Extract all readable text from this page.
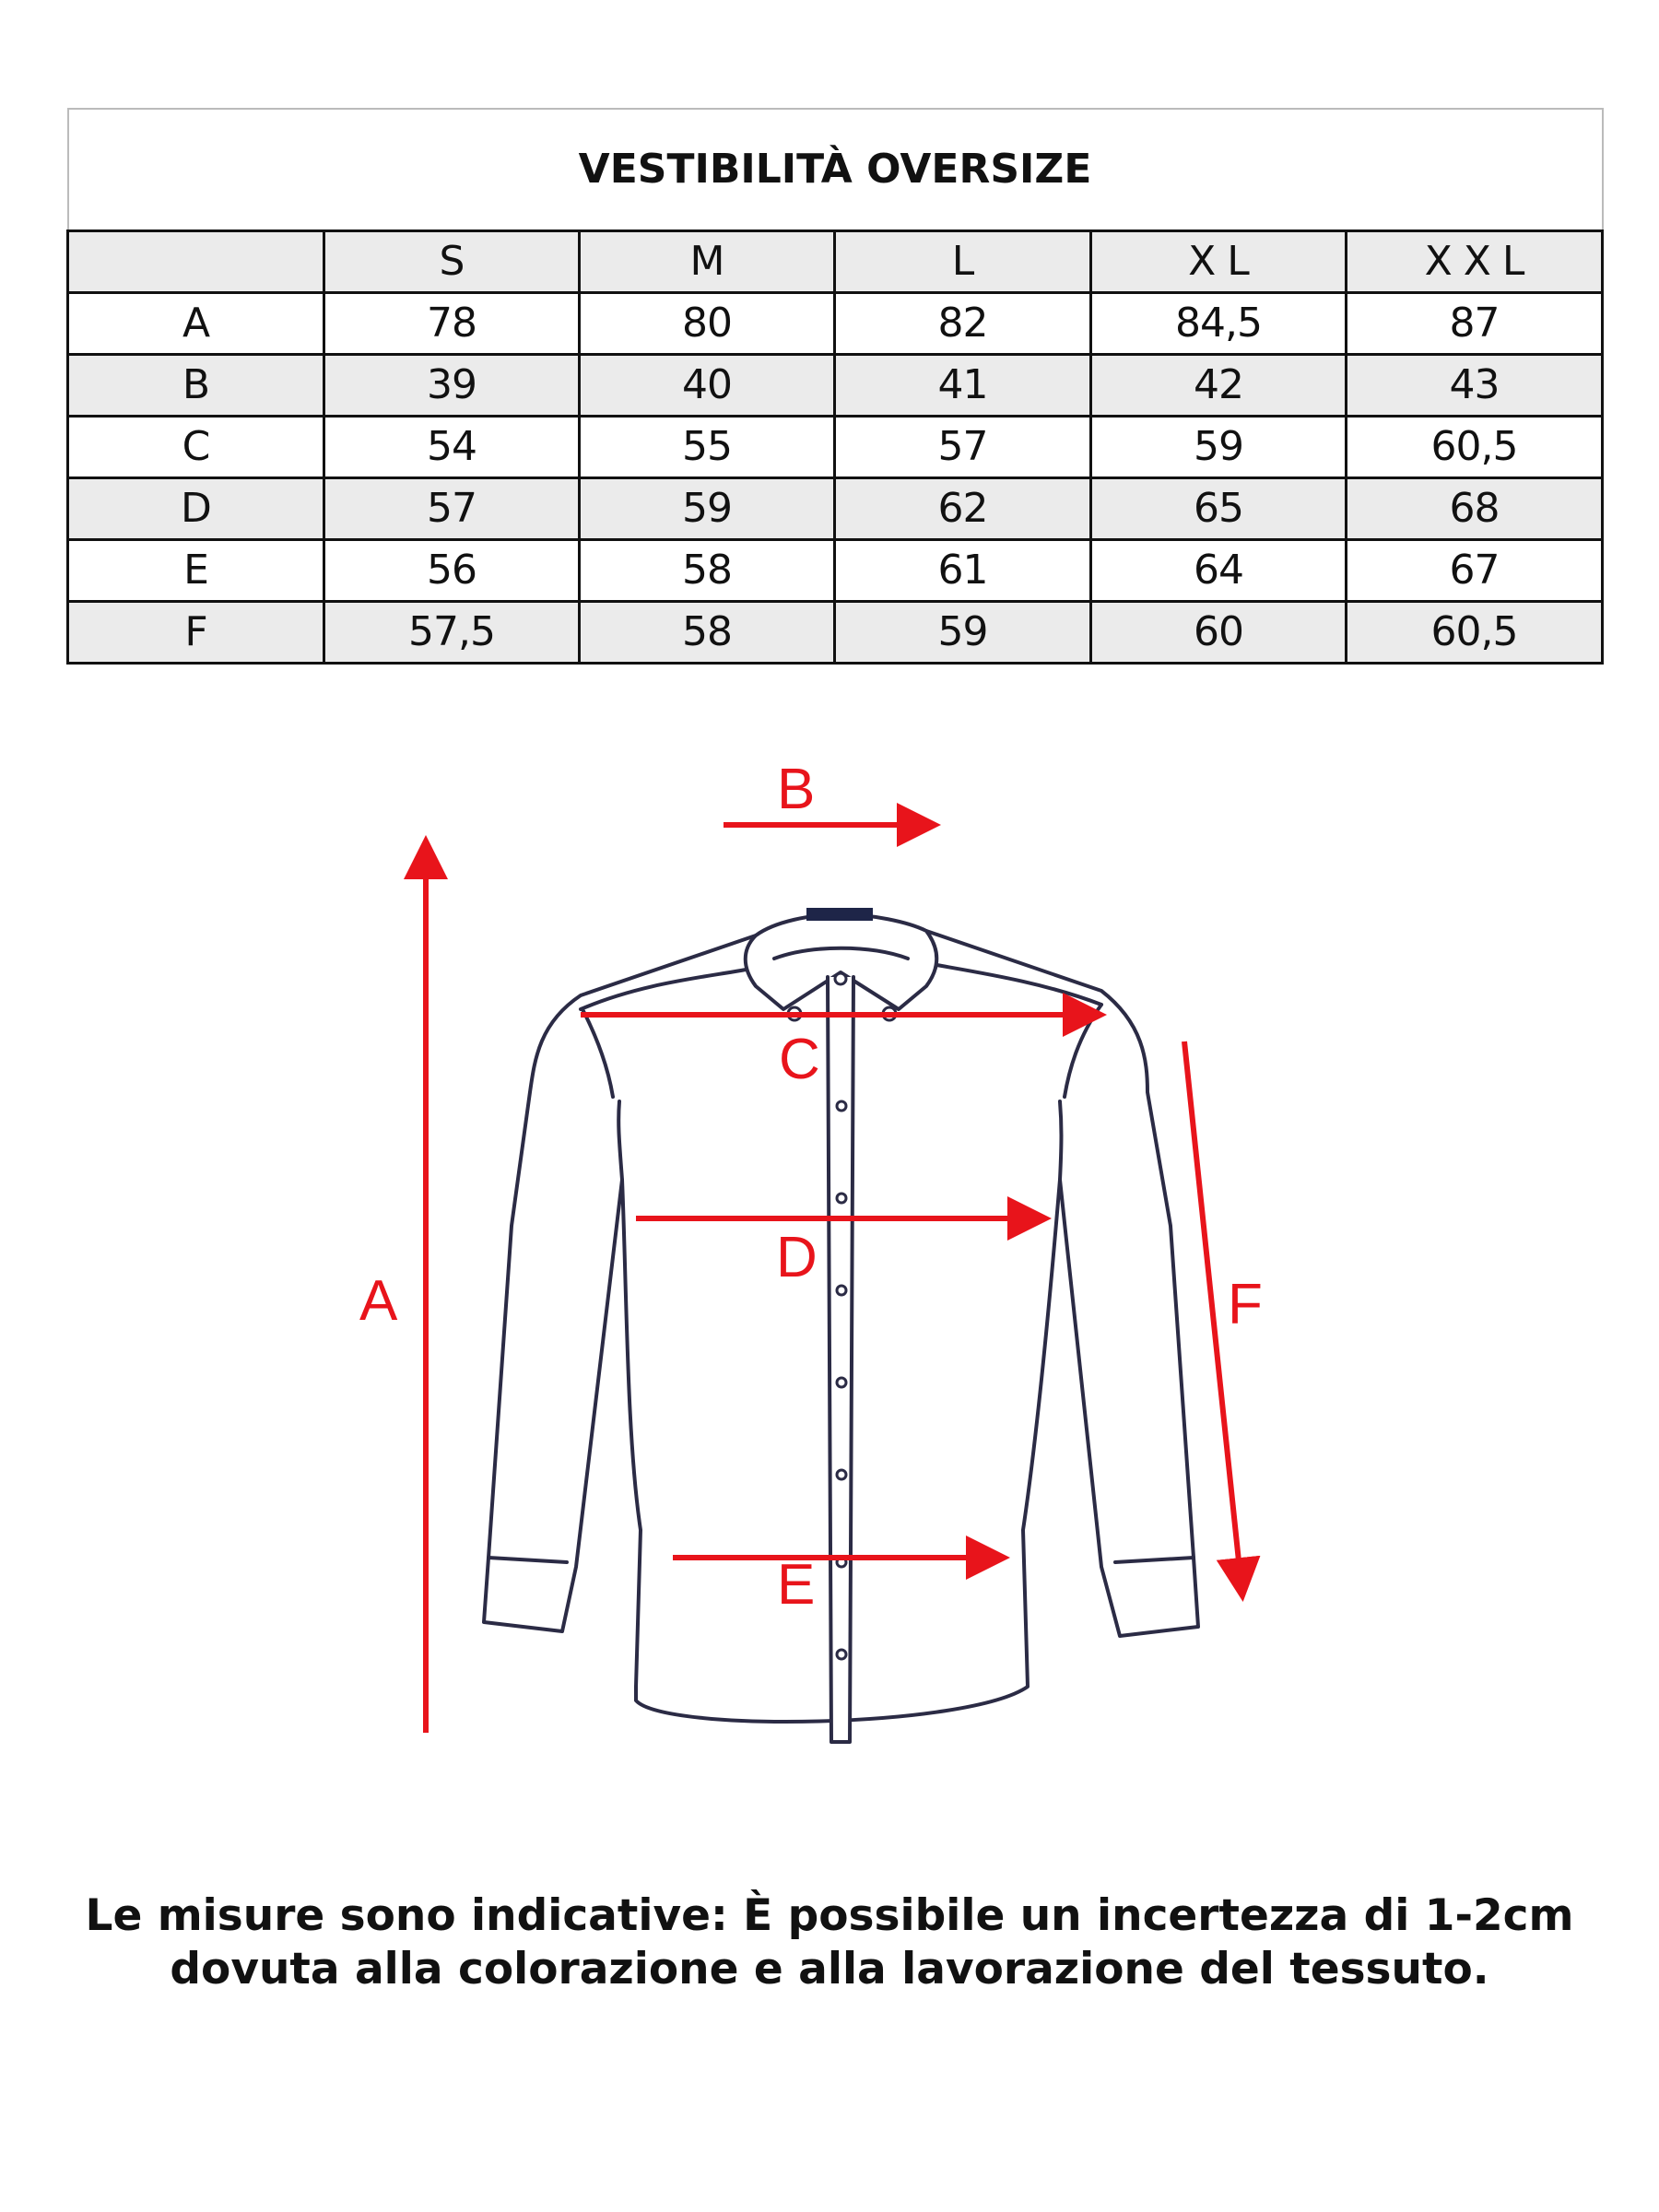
VESTIBILITÀ OVERSIZE					
	S	M	L	X L	X X L
A	78	80	82	84,5	87
B	39	40	41	42	43
C	54	55	57	59	60,5
D	57	59	62	65	68
E	56	58	61	64	67
F	57,5	58	59	60	60,5
A
B
C
D
E
F
Le misure sono indicative: È possibile un incertezza di 1-2cm
dovuta alla colorazione e alla lavorazione del tessuto.
